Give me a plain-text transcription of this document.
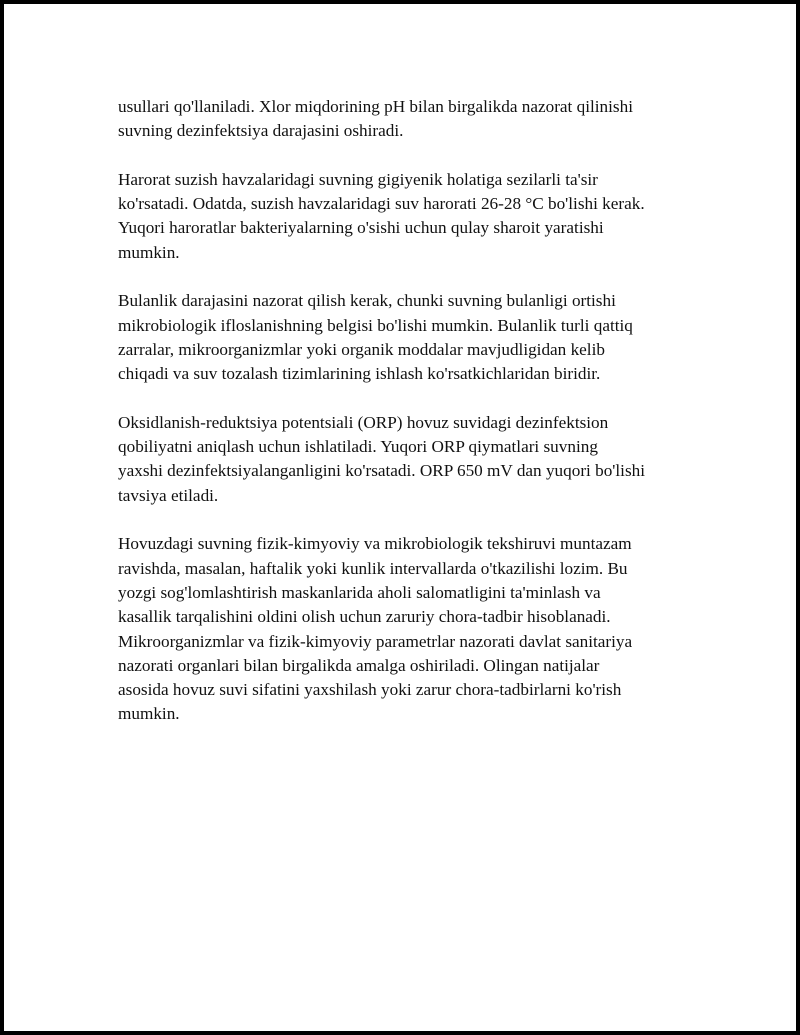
usullari qo'llaniladi. Xlor miqdorining pH bilan birgalikda nazorat qilinishi
suvning dezinfektsiya darajasini oshiradi.

Harorat suzish havzalaridagi suvning gigiyenik holatiga sezilarli ta'sir
ko'rsatadi. Odatda, suzish havzalaridagi suv harorati 26-28 °C bo'lishi kerak.
Yuqori haroratlar bakteriyalarning o'sishi uchun qulay sharoit yaratishi
mumkin.

Bulanlik darajasini nazorat qilish kerak, chunki suvning bulanligi ortishi
mikrobiologik ifloslanishning belgisi bo'lishi mumkin. Bulanlik turli qattiq
zarralar, mikroorganizmlar yoki organik moddalar mavjudligidan kelib
chiqadi va suv tozalash tizimlarining ishlash ko'rsatkichlaridan biridir.

Oksidlanish-reduktsiya potentsiali (ORP) hovuz suvidagi dezinfektsion
qobiliyatni aniqlash uchun ishlatiladi. Yuqori ORP qiymatlari suvning
yaxshi dezinfektsiyalanganligini ko'rsatadi. ORP 650 mV dan yuqori bo'lishi
tavsiya etiladi.

Hovuzdagi suvning fizik-kimyoviy va mikrobiologik tekshiruvi muntazam
ravishda, masalan, haftalik yoki kunlik intervallarda o'tkazilishi lozim. Bu
yozgi sog'lomlashtirish maskanlarida aholi salomatligini ta'minlash va
kasallik tarqalishini oldini olish uchun zaruriy chora-tadbir hisoblanadi.
Mikroorganizmlar va fizik-kimyoviy parametrlar nazorati davlat sanitariya
nazorati organlari bilan birgalikda amalga oshiriladi. Olingan natijalar
asosida hovuz suvi sifatini yaxshilash yoki zarur chora-tadbirlarni ko'rish
mumkin.
